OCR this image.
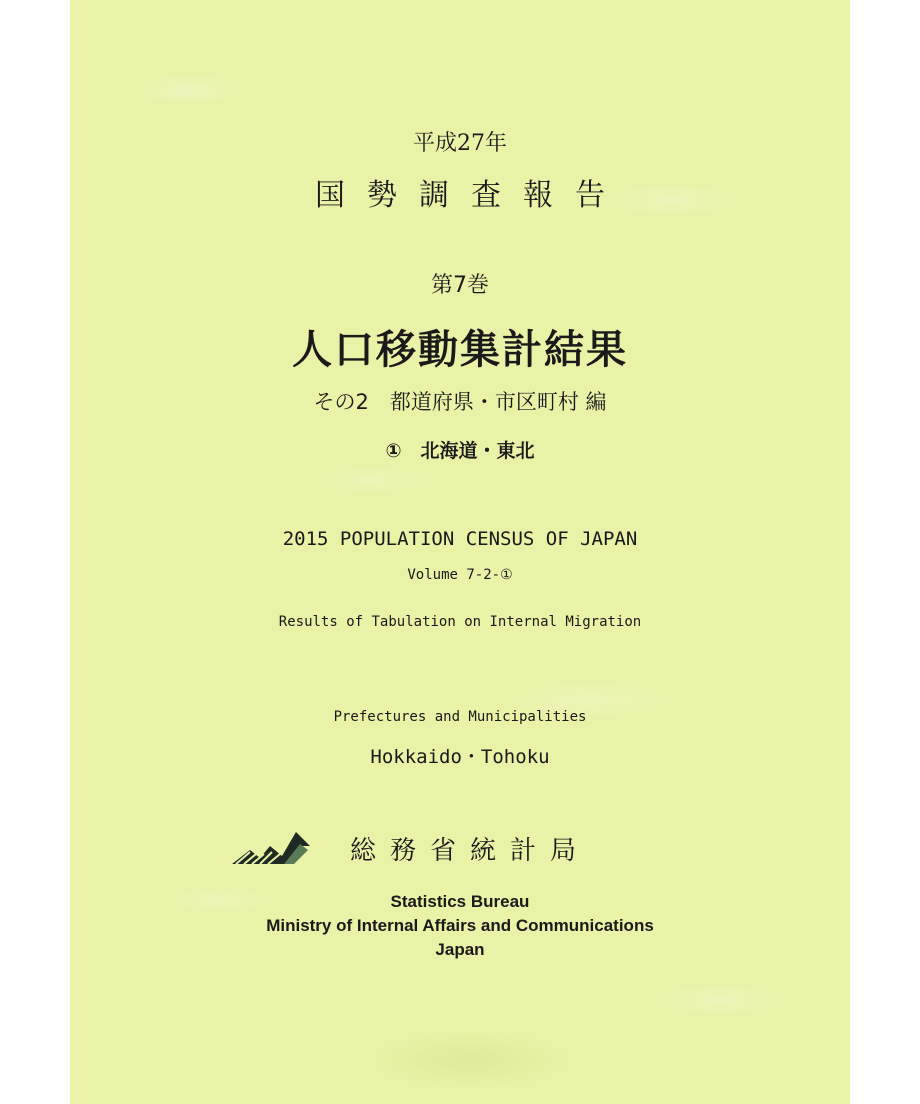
平成27年
国勢調査報告
第7巻
人口移動集計結果
その2　都道府県・市区町村 編
①　北海道・東北
2015 POPULATION CENSUS OF JAPAN
Volume 7-2-①
Results of Tabulation on Internal Migration
Prefectures and Municipalities
Hokkaido・Tohoku
総務省統計局
Statistics Bureau
Ministry of Internal Affairs and Communications
Japan
